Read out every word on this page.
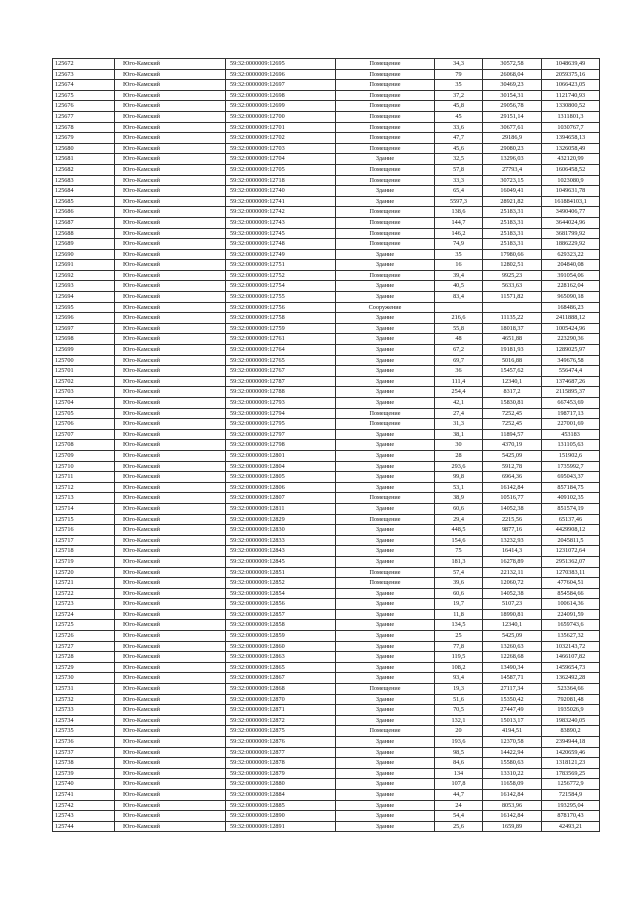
125672	Юго-Камский	59:32:0000009:12695	Помещение	34,3	30572,58	1048639,49
125673	Юго-Камский	59:32:0000009:12696	Помещение	79	26068,04	2059375,16
125674	Юго-Камский	59:32:0000009:12697	Помещение	35	30469,23	1066423,05
125675	Юго-Камский	59:32:0000009:12698	Помещение	37,2	30154,31	1121740,93
125676	Юго-Камский	59:32:0000009:12699	Помещение	45,8	29056,78	1330800,52
125677	Юго-Камский	59:32:0000009:12700	Помещение	45	29151,14	1311801,3
125678	Юго-Камский	59:32:0000009:12701	Помещение	33,6	30677,61	1030767,7
125679	Юго-Камский	59:32:0000009:12702	Помещение	47,7	29186,9	1394658,13
125680	Юго-Камский	59:32:0000009:12703	Помещение	45,6	29080,23	1326058,49
125681	Юго-Камский	59:32:0000009:12704	Здание	32,5	13296,03	432120,99
125682	Юго-Камский	59:32:0000009:12705	Помещение	57,8	27793,4	1606458,52
125683	Юго-Камский	59:32:0000009:12718	Помещение	33,3	30723,15	1023080,9
125684	Юго-Камский	59:32:0000009:12740	Здание	65,4	16049,41	1049631,78
125685	Юго-Камский	59:32:0000009:12741	Здание	5597,3	28921,82	161884103,1
125686	Юго-Камский	59:32:0000009:12742	Помещение	138,6	25183,31	3490406,77
125687	Юго-Камский	59:32:0000009:12743	Помещение	144,7	25183,31	3644024,96
125688	Юго-Камский	59:32:0000009:12745	Помещение	146,2	25183,31	3681799,92
125689	Юго-Камский	59:32:0000009:12748	Помещение	74,9	25183,31	1886229,92
125690	Юго-Камский	59:32:0000009:12749	Здание	35	17980,66	629323,22
125691	Юго-Камский	59:32:0000009:12751	Здание	16	12802,51	204840,08
125692	Юго-Камский	59:32:0000009:12752	Помещение	39,4	9925,23	391054,06
125693	Юго-Камский	59:32:0000009:12754	Здание	40,5	5633,63	228162,04
125694	Юго-Камский	59:32:0000009:12755	Здание	83,4	11571,82	965090,18
125695	Юго-Камский	59:32:0000009:12756	Сооружение			168486,23
125696	Юго-Камский	59:32:0000009:12758	Здание	216,6	11135,22	2411888,12
125697	Юго-Камский	59:32:0000009:12759	Здание	55,8	18018,37	1005424,96
125698	Юго-Камский	59:32:0000009:12761	Здание	48	4651,88	223290,36
125699	Юго-Камский	59:32:0000009:12764	Здание	67,2	19181,93	1289025,97
125700	Юго-Камский	59:32:0000009:12765	Здание	69,7	5016,88	349676,58
125701	Юго-Камский	59:32:0000009:12767	Здание	36	15457,62	556474,4
125702	Юго-Камский	59:32:0000009:12787	Здание	111,4	12340,1	1374687,26
125703	Юго-Камский	59:32:0000009:12788	Здание	254,4	8317,2	2115895,37
125704	Юго-Камский	59:32:0000009:12793	Здание	42,1	15830,81	667453,69
125705	Юго-Камский	59:32:0000009:12794	Помещение	27,4	7252,45	198717,13
125706	Юго-Камский	59:32:0000009:12795	Помещение	31,3	7252,45	227001,69
125707	Юго-Камский	59:32:0000009:12797	Здание	38,1	11894,57	453183
125708	Юго-Камский	59:32:0000009:12798	Здание	30	4370,19	131105,63
125709	Юго-Камский	59:32:0000009:12801	Здание	28	5425,09	151902,6
125710	Юго-Камский	59:32:0000009:12804	Здание	293,6	5912,78	1735992,7
125711	Юго-Камский	59:32:0000009:12805	Здание	99,8	6964,36	695043,37
125712	Юго-Камский	59:32:0000009:12806	Здание	53,1	16142,84	857184,75
125713	Юго-Камский	59:32:0000009:12807	Помещение	38,9	10516,77	409102,35
125714	Юго-Камский	59:32:0000009:12811	Здание	60,6	14052,38	851574,19
125715	Юго-Камский	59:32:0000009:12829	Помещение	29,4	2215,56	65137,46
125716	Юго-Камский	59:32:0000009:12830	Здание	448,5	9877,16	4429908,12
125717	Юго-Камский	59:32:0000009:12833	Здание	154,6	13232,93	2045811,5
125718	Юго-Камский	59:32:0000009:12843	Здание	75	16414,3	1231072,64
125719	Юго-Камский	59:32:0000009:12845	Здание	181,3	16278,89	2951362,07
125720	Юго-Камский	59:32:0000009:12851	Помещение	57,4	22132,11	1270383,11
125721	Юго-Камский	59:32:0000009:12852	Помещение	39,6	12060,72	477604,51
125722	Юго-Камский	59:32:0000009:12854	Здание	60,6	14052,38	854584,66
125723	Юго-Камский	59:32:0000009:12856	Здание	19,7	5107,23	100614,36
125724	Юго-Камский	59:32:0000009:12857	Здание	11,8	18990,81	224091,59
125725	Юго-Камский	59:32:0000009:12858	Здание	134,5	12340,1	1659743,6
125726	Юго-Камский	59:32:0000009:12859	Здание	25	5425,09	135627,32
125727	Юго-Камский	59:32:0000009:12860	Здание	77,8	13260,63	1032143,72
125728	Юго-Камский	59:32:0000009:12863	Здание	119,5	12268,68	1466107,82
125729	Юго-Камский	59:32:0000009:12865	Здание	108,2	13490,34	1459654,73
125730	Юго-Камский	59:32:0000009:12867	Здание	93,4	14587,71	1362492,28
125731	Юго-Камский	59:32:0000009:12868	Помещение	19,3	27117,34	523364,66
125732	Юго-Камский	59:32:0000009:12870	Здание	51,6	15350,42	792081,48
125733	Юго-Камский	59:32:0000009:12871	Здание	70,5	27447,49	1935026,9
125734	Юго-Камский	59:32:0000009:12872	Здание	132,1	15013,17	1983240,05
125735	Юго-Камский	59:32:0000009:12875	Помещение	20	4194,51	83890,2
125736	Юго-Камский	59:32:0000009:12876	Здание	193,6	12370,58	2394944,18
125737	Юго-Камский	59:32:0000009:12877	Здание	98,5	14422,94	1420659,46
125738	Юго-Камский	59:32:0000009:12878	Здание	84,6	15580,63	1318121,23
125739	Юго-Камский	59:32:0000009:12879	Здание	134	13310,22	1783569,25
125740	Юго-Камский	59:32:0000009:12880	Здание	107,8	11658,09	1256772,9
125741	Юго-Камский	59:32:0000009:12884	Здание	44,7	16142,84	721584,9
125742	Юго-Камский	59:32:0000009:12885	Здание	24	8053,96	193295,04
125743	Юго-Камский	59:32:0000009:12890	Здание	54,4	16142,84	878170,43
125744	Юго-Камский	59:32:0000009:12891	Здание	25,6	1659,89	42493,21
